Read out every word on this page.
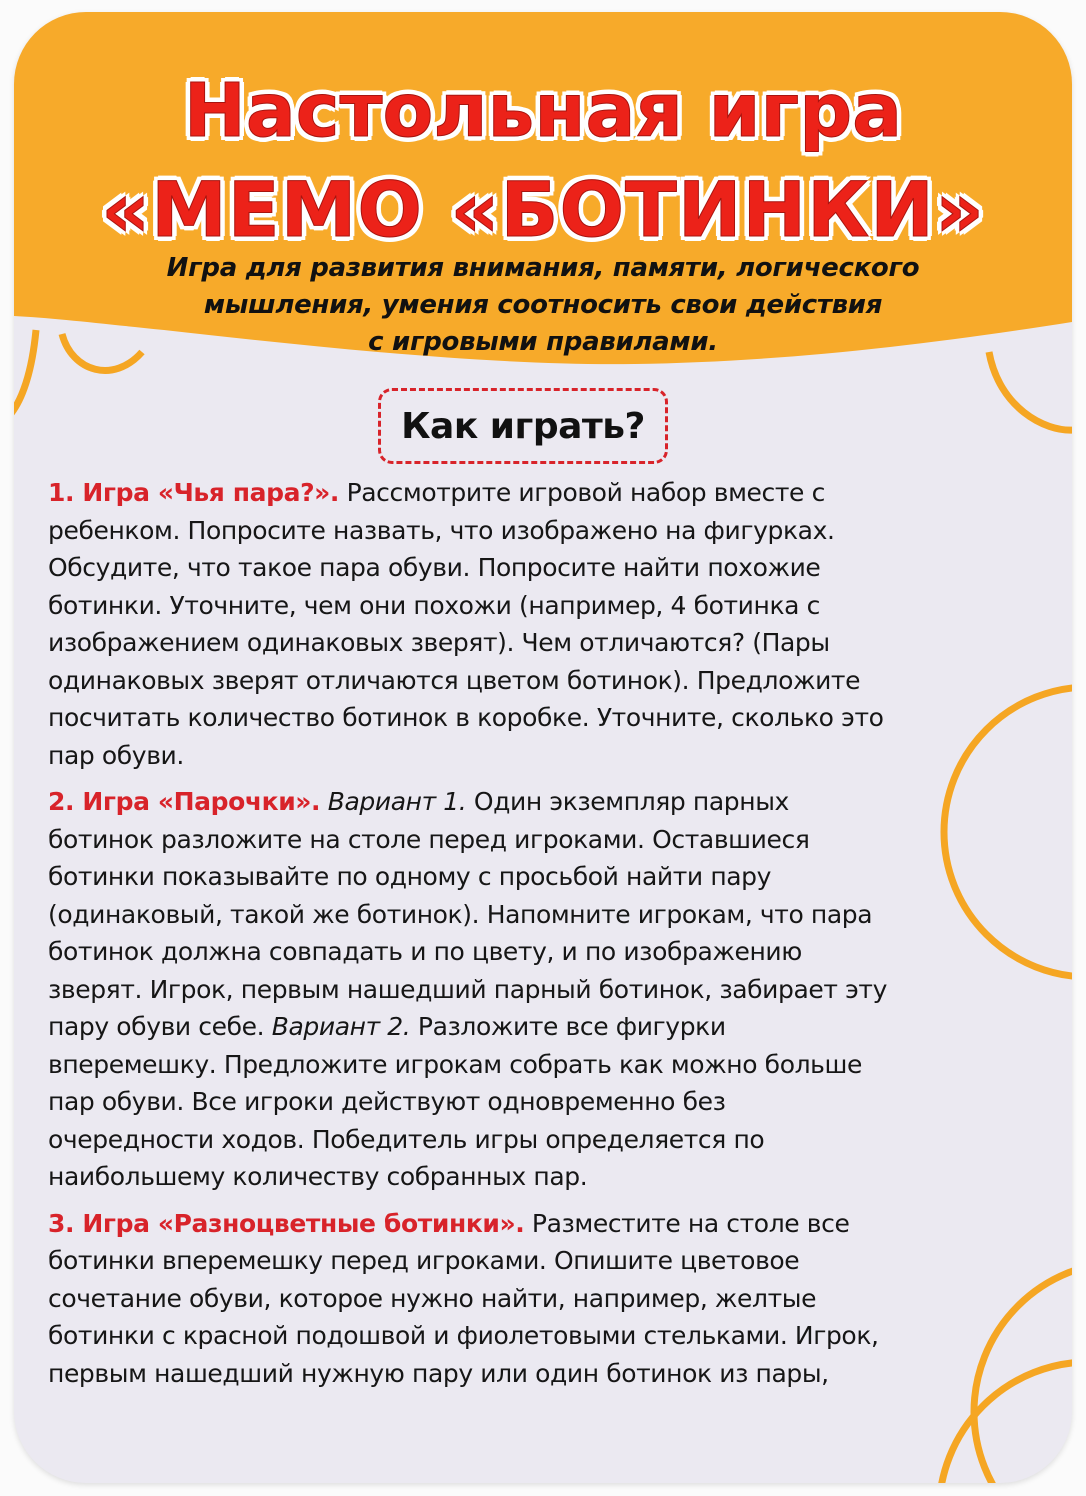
Настольная игра
«МЕМО «БОТИНКИ»
Игра для развития внимания, памяти, логического
мышления, умения соотносить свои действия
с игровыми правилами.
Как играть?
1. Игра «Чья пара?». Рассмотрите игровой набор вместе с
ребенком. Попросите назвать, что изображено на фигурках.
Обсудите, что такое пара обуви. Попросите найти похожие
ботинки. Уточните, чем они похожи (например, 4 ботинка с
изображением одинаковых зверят). Чем отличаются? (Пары
одинаковых зверят отличаются цветом ботинок). Предложите
посчитать количество ботинок в коробке. Уточните, сколько это
пар обуви.
2. Игра «Парочки». Вариант 1. Один экземпляр парных
ботинок разложите на столе перед игроками. Оставшиеся
ботинки показывайте по одному с просьбой найти пару
(одинаковый, такой же ботинок). Напомните игрокам, что пара
ботинок должна совпадать и по цвету, и по изображению
зверят. Игрок, первым нашедший парный ботинок, забирает эту
пару обуви себе. Вариант 2. Разложите все фигурки
вперемешку. Предложите игрокам собрать как можно больше
пар обуви. Все игроки действуют одновременно без
очередности ходов. Победитель игры определяется по
наибольшему количеству собранных пар.
3. Игра «Разноцветные ботинки». Разместите на столе все
ботинки вперемешку перед игроками. Опишите цветовое
сочетание обуви, которое нужно найти, например, желтые
ботинки с красной подошвой и фиолетовыми стельками. Игрок,
первым нашедший нужную пару или один ботинок из пары,
